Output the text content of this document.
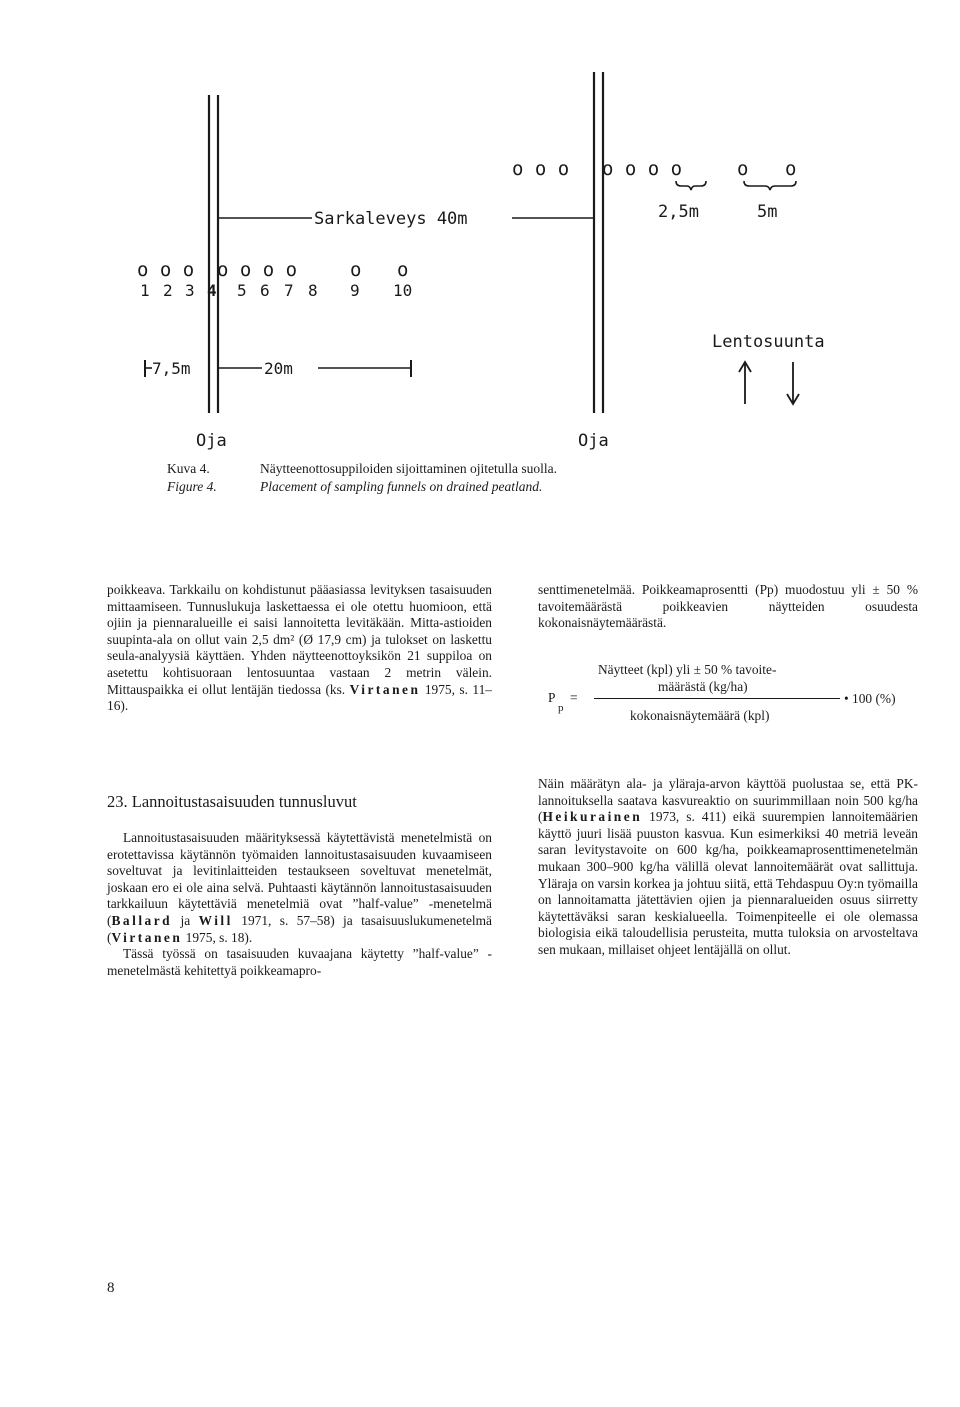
o o o o o o o	o o
2,5m	5m
Sarkaleveys 40m
o o o o o o o	o o
1 2 3 4 5 6 7 8 9 10
7,5m	20m
Lentosuunta
Oja	Oja
Kuva 4.	Näytteenottosuppiloiden sijoittaminen ojitetulla suolla.
Figure 4.	Placement of sampling funnels on drained peatland.

poikkeava. Tarkkailu on kohdistunut pääasiassa levityksen tasaisuuden mittaamiseen. Tunnuslukuja laskettaessa ei ole otettu huomioon, että ojiin ja piennaralueille ei saisi lannoitetta levitäkään. Mitta-astioiden suupinta-ala on ollut vain 2,5 dm² (Ø 17,9 cm) ja tulokset on laskettu seula-analyysiä käyttäen. Yhden näytteenottoyksikön 21 suppiloa on asetettu kohtisuoraan lentosuuntaa vastaan 2 metrin välein. Mittauspaikka ei ollut lentäjän tiedossa (ks. Virtanen 1975, s. 11–16).

23. Lannoitustasaisuuden tunnusluvut

Lannoitustasaisuuden määrityksessä käytettävistä menetelmistä on erotettavissa käytännön työmaiden lannoitustasaisuuden kuvaamiseen soveltuvat ja levitinlaitteiden testaukseen soveltuvat menetelmät, joskaan ero ei ole aina selvä. Puhtaasti käytännön lannoitustasaisuuden tarkkailuun käytettäviä menetelmiä ovat ”half-value” -menetelmä (Ballard ja Will 1971, s. 57–58) ja tasaisuuslukumenetelmä (Virtanen 1975, s. 18).

Tässä työssä on tasaisuuden kuvaajana käytetty ”half-value” -menetelmästä kehitettyä poikkeamapro-

senttimenetelmää. Poikkeamaprosentti (Pp) muodostuu yli ± 50 % tavoitemäärästä poikkeavien näytteiden osuudesta kokonaisnäytemäärästä.

Näytteet (kpl) yli ± 50 % tavoite-
määrästä (kg/ha)
P
p
=	• 100 (%)
kokonaisnäytemäärä (kpl)

Näin määrätyn ala- ja yläraja-arvon käyttöä puolustaa se, että PK-lannoituksella saatava kasvureaktio on suurimmillaan noin 500 kg/ha (Heikurainen 1973, s. 411) eikä suurempien lannoitemäärien käyttö juuri lisää puuston kasvua. Kun esimerkiksi 40 metriä leveän saran levitystavoite on 600 kg/ha, poikkeamaprosenttimenetelmän mukaan 300–900 kg/ha välillä olevat lannoitemäärät ovat sallittuja. Yläraja on varsin korkea ja johtuu siitä, että Tehdaspuu Oy:n työmailla on lannoitamatta jätettävien ojien ja piennaralueiden osuus siirretty käytettäväksi saran keskialueella. Toimenpiteelle ei ole olemassa biologisia eikä taloudellisia perusteita, mutta tuloksia on arvosteltava sen mukaan, millaiset ohjeet lentäjällä on ollut.

8
